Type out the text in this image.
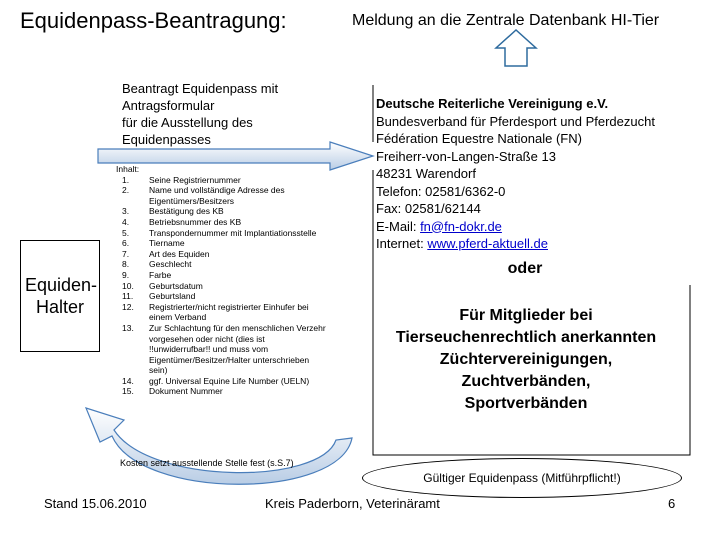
Equidenpass-Beantragung:	Meldung an die Zentrale Datenbank HI-Tier
Beantragt Equidenpass mit
Antragsformular
für die Ausstellung des
Equidenpasses
Equiden-
Halter
Inhalt:
1.	Seine Registriernummer
2.	Name und vollständige Adresse des
Eigentümers/Besitzers
3.	Bestätigung des KB
4.	Betriebsnummer des KB
5.	Transpondernummer mit Implantiationsstelle
6.	Tiername
7.	Art des Equiden
8.	Geschlecht
9.	Farbe
10.	Geburtsdatum
11.	Geburtsland
12.	Registrierter/nicht registrierter Einhufer bei
einem Verband
13.	Zur Schlachtung für den menschlichen Verzehr
vorgesehen oder nicht (dies ist
!!unwiderrufbar!! und muss vom
Eigentümer/Besitzer/Halter unterschrieben
sein)
14.	ggf. Universal Equine Life Number (UELN)
15.	Dokument Nummer
Deutsche Reiterliche Vereinigung e.V.
Bundesverband für Pferdesport und Pferdezucht
Fédération Equestre Nationale (FN)
Freiherr-von-Langen-Straße 13
48231 Warendorf
Telefon: 02581/6362-0
Fax: 02581/62144
E-Mail: fn@fn-dokr.de
Internet: www.pferd-aktuell.de
oder
Für Mitglieder bei
Tierseuchenrechtlich anerkannten
Züchtervereinigungen,
Zuchtverbänden,
Sportverbänden
Kosten setzt ausstellende Stelle fest (s.S.7)
Gültiger Equidenpass (Mitführpflicht!)
Stand 15.06.2010	Kreis Paderborn, Veterinäramt	6
